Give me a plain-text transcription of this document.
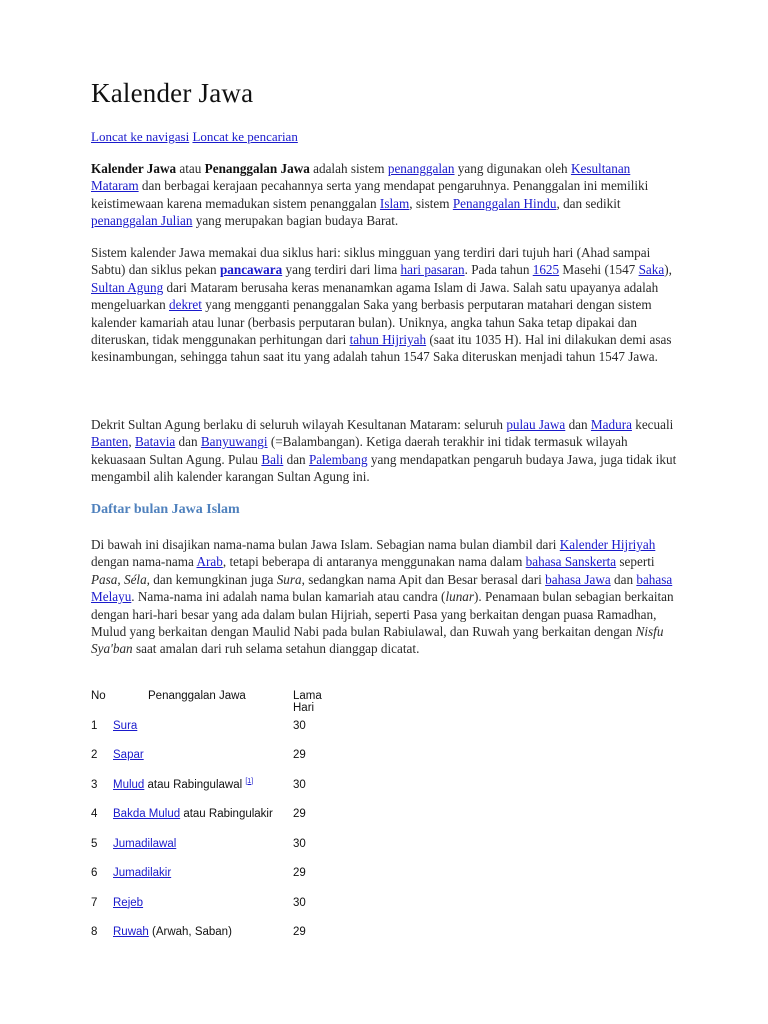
Kalender Jawa
Loncat ke navigasi Loncat ke pencarian

Kalender Jawa atau Penanggalan Jawa adalah sistem penanggalan yang digunakan oleh Kesultanan Mataram dan berbagai kerajaan pecahannya serta yang mendapat pengaruhnya. Penanggalan ini memiliki keistimewaan karena memadukan sistem penanggalan Islam, sistem Penanggalan Hindu, dan sedikit penanggalan Julian yang merupakan bagian budaya Barat.

Sistem kalender Jawa memakai dua siklus hari: siklus mingguan yang terdiri dari tujuh hari (Ahad sampai Sabtu) dan siklus pekan pancawara yang terdiri dari lima hari pasaran. Pada tahun 1625 Masehi (1547 Saka), Sultan Agung dari Mataram berusaha keras menanamkan agama Islam di Jawa. Salah satu upayanya adalah mengeluarkan dekret yang mengganti penanggalan Saka yang berbasis perputaran matahari dengan sistem kalender kamariah atau lunar (berbasis perputaran bulan). Uniknya, angka tahun Saka tetap dipakai dan diteruskan, tidak menggunakan perhitungan dari tahun Hijriyah (saat itu 1035 H). Hal ini dilakukan demi asas kesinambungan, sehingga tahun saat itu yang adalah tahun 1547 Saka diteruskan menjadi tahun 1547 Jawa.

Dekrit Sultan Agung berlaku di seluruh wilayah Kesultanan Mataram: seluruh pulau Jawa dan Madura kecuali Banten, Batavia dan Banyuwangi (=Balambangan). Ketiga daerah terakhir ini tidak termasuk wilayah kekuasaan Sultan Agung. Pulau Bali dan Palembang yang mendapatkan pengaruh budaya Jawa, juga tidak ikut mengambil alih kalender karangan Sultan Agung ini.

Daftar bulan Jawa Islam

Di bawah ini disajikan nama-nama bulan Jawa Islam. Sebagian nama bulan diambil dari Kalender Hijriyah dengan nama-nama Arab, tetapi beberapa di antaranya menggunakan nama dalam bahasa Sanskerta seperti Pasa, Séla, dan kemungkinan juga Sura, sedangkan nama Apit dan Besar berasal dari bahasa Jawa dan bahasa Melayu. Nama-nama ini adalah nama bulan kamariah atau candra (lunar). Penamaan bulan sebagian berkaitan dengan hari-hari besar yang ada dalam bulan Hijriah, seperti Pasa yang berkaitan dengan puasa Ramadhan, Mulud yang berkaitan dengan Maulid Nabi pada bulan Rabiulawal, dan Ruwah yang berkaitan dengan Nisfu Sya'ban saat amalan dari ruh selama setahun dianggap dicatat.

No	Penanggalan Jawa	Lama Hari
1 Sura	30
2 Sapar	29
3 Mulud atau Rabingulawal [1]	30
4 Bakda Mulud atau Rabingulakir 29
5 Jumadilawal	30
6 Jumadilakir	29
7 Rejeb	30
8 Ruwah (Arwah, Saban)	29
